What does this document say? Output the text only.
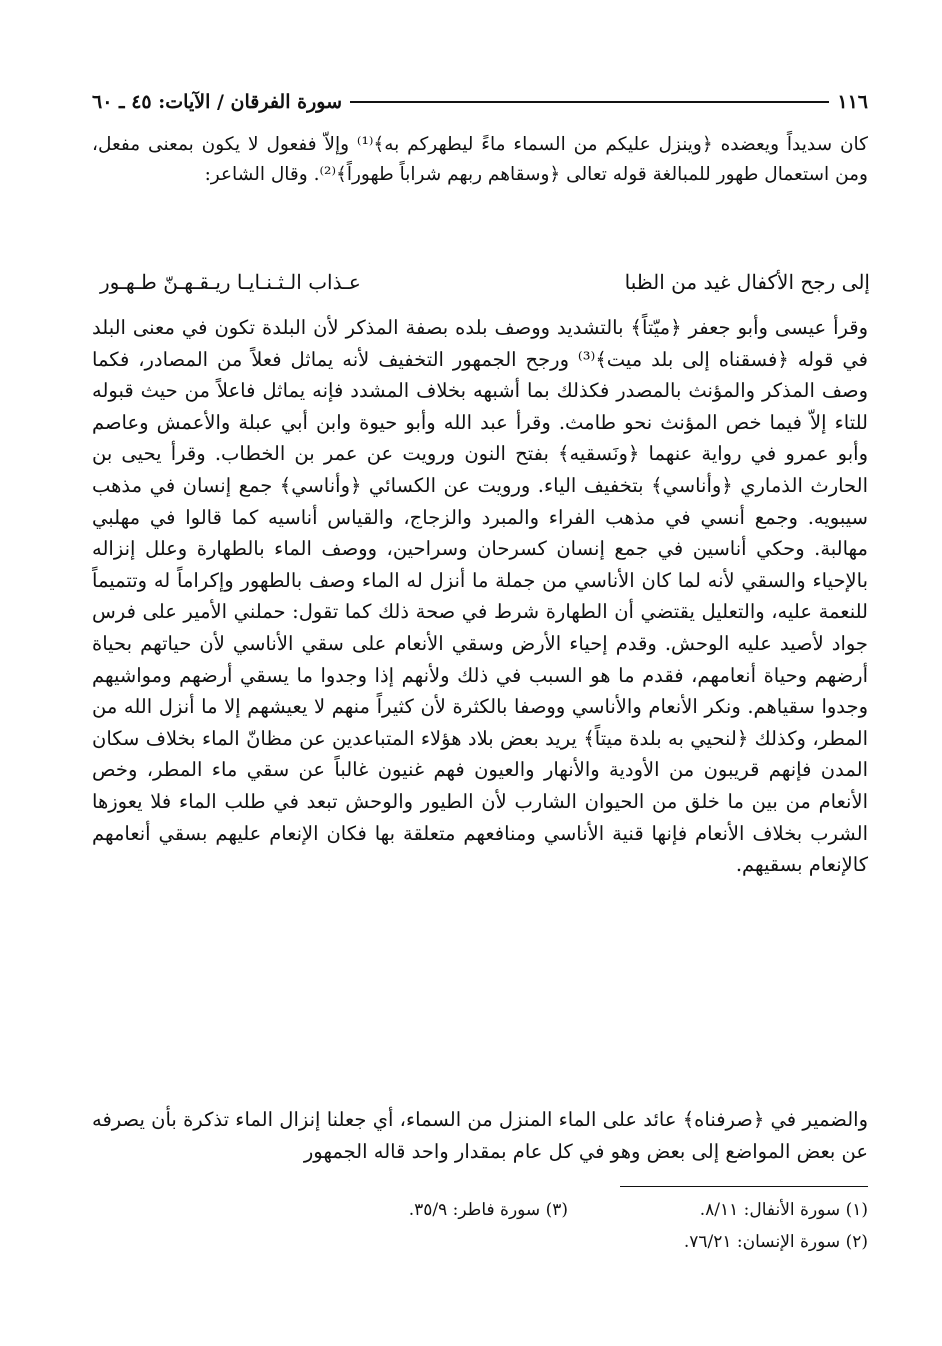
١١٦
سورة الفرقان / الآيات: ٤٥ ـ ٦٠

كان سديداً ويعضده ﴿وينزل عليكم من السماء ماءً ليطهركم به﴾⁽¹⁾ وإلاّ ففعول لا يكون بمعنى مفعل، ومن استعمال طهور للمبالغة قوله تعالى ﴿وسقاهم ربهم شراباً طهوراً﴾⁽²⁾. وقال الشاعر:

إلى رجح الأكفال غيد من الظبا
عـذاب الـثـنـايـا ريـقـهـنّ طـهـور

وقرأ عيسى وأبو جعفر ﴿ميّتاً﴾ بالتشديد ووصف بلده بصفة المذكر لأن البلدة تكون في معنى البلد في قوله ﴿فسقناه إلى بلد ميت﴾⁽³⁾ ورجح الجمهور التخفيف لأنه يماثل فعلاً من المصادر، فكما وصف المذكر والمؤنث بالمصدر فكذلك بما أشبهه بخلاف المشدد فإنه يماثل فاعلاً من حيث قبوله للتاء إلاّ فيما خص المؤنث نحو طامث. وقرأ عبد الله وأبو حيوة وابن أبي عبلة والأعمش وعاصم وأبو عمرو في رواية عنهما ﴿ونَسقيه﴾ بفتح النون ورويت عن عمر بن الخطاب. وقرأ يحيى بن الحارث الذماري ﴿وأناسي﴾ بتخفيف الياء. ورويت عن الكسائي ﴿وأناسي﴾ جمع إنسان في مذهب سيبويه. وجمع أنسي في مذهب الفراء والمبرد والزجاج، والقياس أناسيه كما قالوا في مهلبي مهالبة. وحكي أناسين في جمع إنسان كسرحان وسراحين، ووصف الماء بالطهارة وعلل إنزاله بالإحياء والسقي لأنه لما كان الأناسي من جملة ما أنزل له الماء وصف بالطهور وإكراماً له وتتميماً للنعمة عليه، والتعليل يقتضي أن الطهارة شرط في صحة ذلك كما تقول: حملني الأمير على فرس جواد لأصيد عليه الوحش. وقدم إحياء الأرض وسقي الأنعام على سقي الأناسي لأن حياتهم بحياة أرضهم وحياة أنعامهم، فقدم ما هو السبب في ذلك ولأنهم إذا وجدوا ما يسقي أرضهم ومواشيهم وجدوا سقياهم. ونكر الأنعام والأناسي ووصفا بالكثرة لأن كثيراً منهم لا يعيشهم إلا ما أنزل الله من المطر، وكذلك ﴿لنحيي به بلدة ميتاً﴾ يريد بعض بلاد هؤلاء المتباعدين عن مظانّ الماء بخلاف سكان المدن فإنهم قريبون من الأودية والأنهار والعيون فهم غنيون غالباً عن سقي ماء المطر، وخص الأنعام من بين ما خلق من الحيوان الشارب لأن الطيور والوحش تبعد في طلب الماء فلا يعوزها الشرب بخلاف الأنعام فإنها قنية الأناسي ومنافعهم متعلقة بها فكان الإنعام عليهم بسقي أنعامهم كالإنعام بسقيهم.

والضمير في ﴿صرفناه﴾ عائد على الماء المنزل من السماء، أي جعلنا إنزال الماء تذكرة بأن يصرفه عن بعض المواضع إلى بعض وهو في كل عام بمقدار واحد قاله الجمهور

(١) سورة الأنفال: ٨/١١.
(٣) سورة فاطر: ٣٥/٩.
(٢) سورة الإنسان: ٧٦/٢١.
